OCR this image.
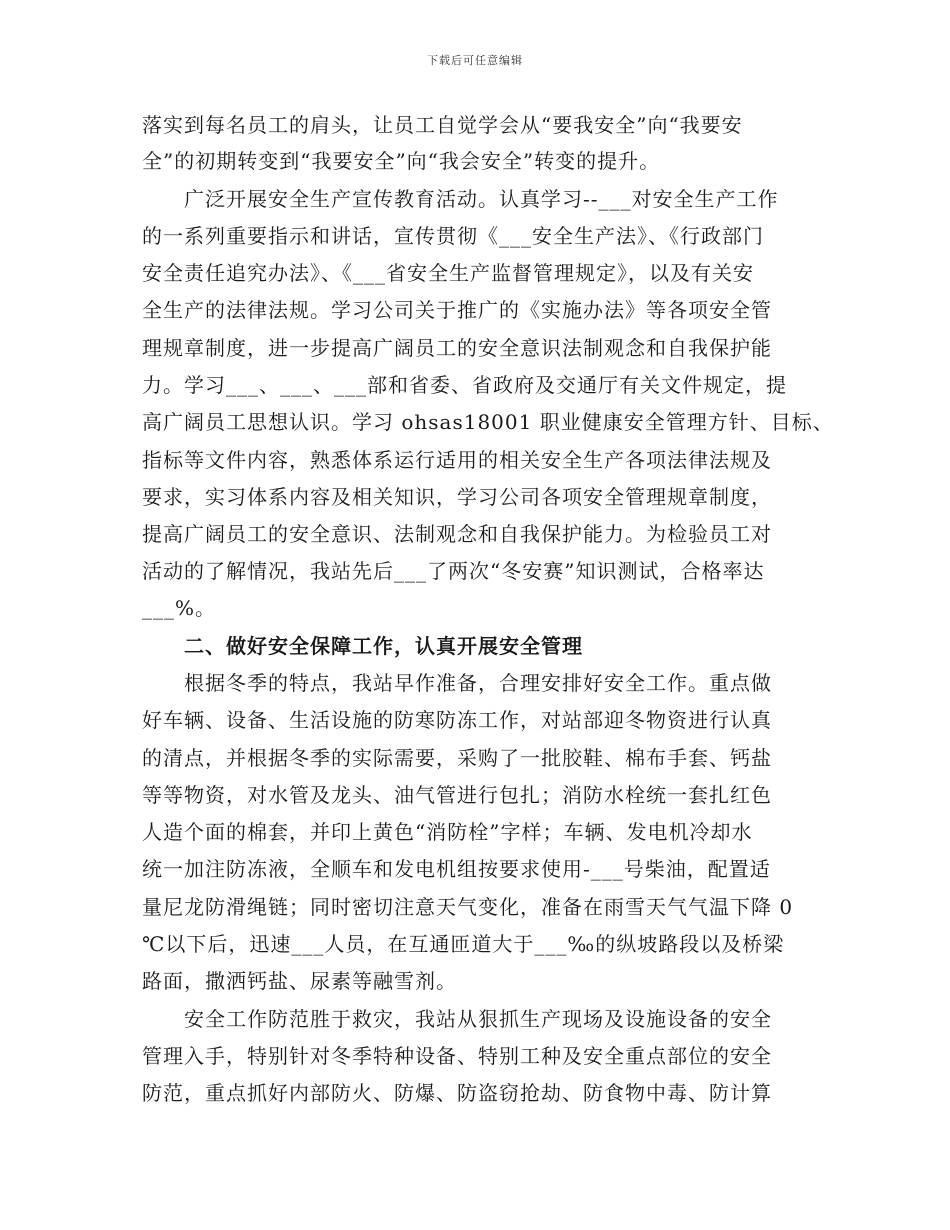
下载后可任意编辑
落实到每名员工的肩头，让员工自觉学会从“要我安全”向“我要安
全”的初期转变到“我要安全”向“我会安全”转变的提升。
　　广泛开展安全生产宣传教育活动。认真学习--___对安全生产工作
的一系列重要指示和讲话，宣传贯彻《___安全生产法》、《行政部门
安全责任追究办法》、《___省安全生产监督管理规定》，以及有关安
全生产的法律法规。学习公司关于推广的《实施办法》等各项安全管
理规章制度，进一步提高广阔员工的安全意识法制观念和自我保护能
力。学习___、___、___部和省委、省政府及交通厅有关文件规定，提
高广阔员工思想认识。学习 ohsas18001 职业健康安全管理方针、目标、
指标等文件内容，熟悉体系运行适用的相关安全生产各项法律法规及
要求，实习体系内容及相关知识，学习公司各项安全管理规章制度，
提高广阔员工的安全意识、法制观念和自我保护能力。为检验员工对
活动的了解情况，我站先后___了两次“冬安赛”知识测试，合格率达
___%。
　　二、做好安全保障工作，认真开展安全管理
　　根据冬季的特点，我站早作准备，合理安排好安全工作。重点做
好车辆、设备、生活设施的防寒防冻工作，对站部迎冬物资进行认真
的清点，并根据冬季的实际需要，采购了一批胶鞋、棉布手套、钙盐
等等物资，对水管及龙头、油气管进行包扎；消防水栓统一套扎红色
人造个面的棉套，并印上黄色“消防栓”字样；车辆、发电机冷却水
统一加注防冻液，全顺车和发电机组按要求使用-___号柴油，配置适
量尼龙防滑绳链；同时密切注意天气变化，准备在雨雪天气气温下降 0
℃以下后，迅速___人员，在互通匝道大于___‰的纵坡路段以及桥梁
路面，撒洒钙盐、尿素等融雪剂。
　　安全工作防范胜于救灾，我站从狠抓生产现场及设施设备的安全
管理入手，特别针对冬季特种设备、特别工种及安全重点部位的安全
防范，重点抓好内部防火、防爆、防盗窃抢劫、防食物中毒、防计算
